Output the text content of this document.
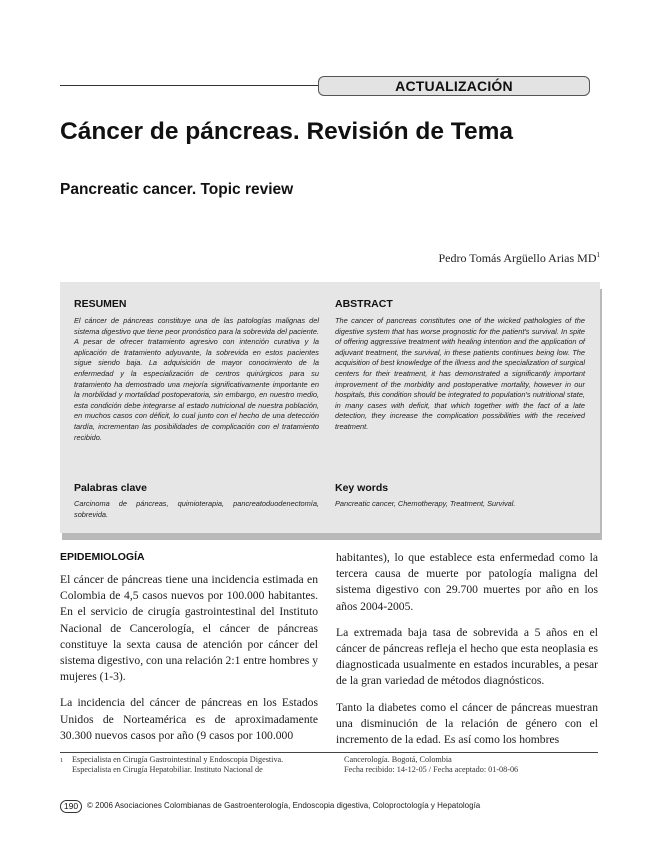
ACTUALIZACIÓN
Cáncer de páncreas. Revisión de Tema
Pancreatic cancer. Topic review
Pedro Tomás Argüello Arias $MD^1$
RESUMEN
El cáncer de páncreas constituye una de las patologías malignas del sistema digestivo que tiene peor pronóstico para la sobrevida del paciente. A pesar de ofrecer tratamiento agresivo con intención curativa y la aplicación de tratamiento adyuvante, la sobrevida en estos pacientes sigue siendo baja. La adquisición de mayor conocimiento de la enfermedad y la especialización de centros quirúrgicos para su tratamiento ha demostrado una mejoría significativamente importante en la morbilidad y mortalidad postoperatoria, sin embargo, en nuestro medio, esta condición debe integrarse al estado nutricional de nuestra población, en muchos casos con déficit, lo cual junto con el hecho de una detección tardía, incrementan las posibilidades de complicación con el tratamiento recibido.
Palabras clave
Carcinoma de páncreas, quimioterapia, pancreatoduodenectomía, sobrevida.
ABSTRACT
The cancer of pancreas constitutes one of the wicked pathologies of the digestive system that has worse prognostic for the patient's survival. In spite of offering aggressive treatment with healing intention and the application of adjuvant treatment, the survival, in these patients continues being low. The acquisition of best knowledge of the illness and the specialization of surgical centers for their treatment, it has demonstrated a significantly important improvement of the morbidity and postoperative mortality, however in our hospitals, this condition should be integrated to population's nutritional state, in many cases with deficit, that which together with the fact of a late detection, they increase the complication possibilities with the received treatment.
Key words
Pancreatic cancer, Chemotherapy, Treatment, Survival.
EPIDEMIOLOGÍA

El cáncer de páncreas tiene una incidencia estimada en Colombia de 4,5 casos nuevos por 100.000 habitantes. En el servicio de cirugía gastrointestinal del Instituto Nacional de Cancerología, el cáncer de páncreas constituye la sexta causa de atención por cáncer del sistema digestivo, con una relación 2:1 entre hombres y mujeres (1-3).

La incidencia del cáncer de páncreas en los Estados Unidos de Norteamérica es de aproximadamente 30.300 nuevos casos por año (9 casos por 100.000

habitantes), lo que establece esta enfermedad como la tercera causa de muerte por patología maligna del sistema digestivo con 29.700 muertes por año en los años 2004-2005.

La extremada baja tasa de sobrevida a 5 años en el cáncer de páncreas refleja el hecho que esta neoplasia es diagnosticada usualmente en estados incurables, a pesar de la gran variedad de métodos diagnósticos.

Tanto la diabetes como el cáncer de páncreas muestran una disminución de la relación de género con el incremento de la edad. Es así como los hombres

1 Especialista en Cirugía Gastrointestinal y Endoscopia Digestiva.
Especialista en Cirugía Hepatobiliar. Instituto Nacional de
Cancerología. Bogotá, Colombia
Fecha recibido: 14-12-05 / Fecha aceptado: 01-08-06
190	© 2006 Asociaciones Colombianas de Gastroenterología, Endoscopia digestiva, Coloproctología y Hepatología
